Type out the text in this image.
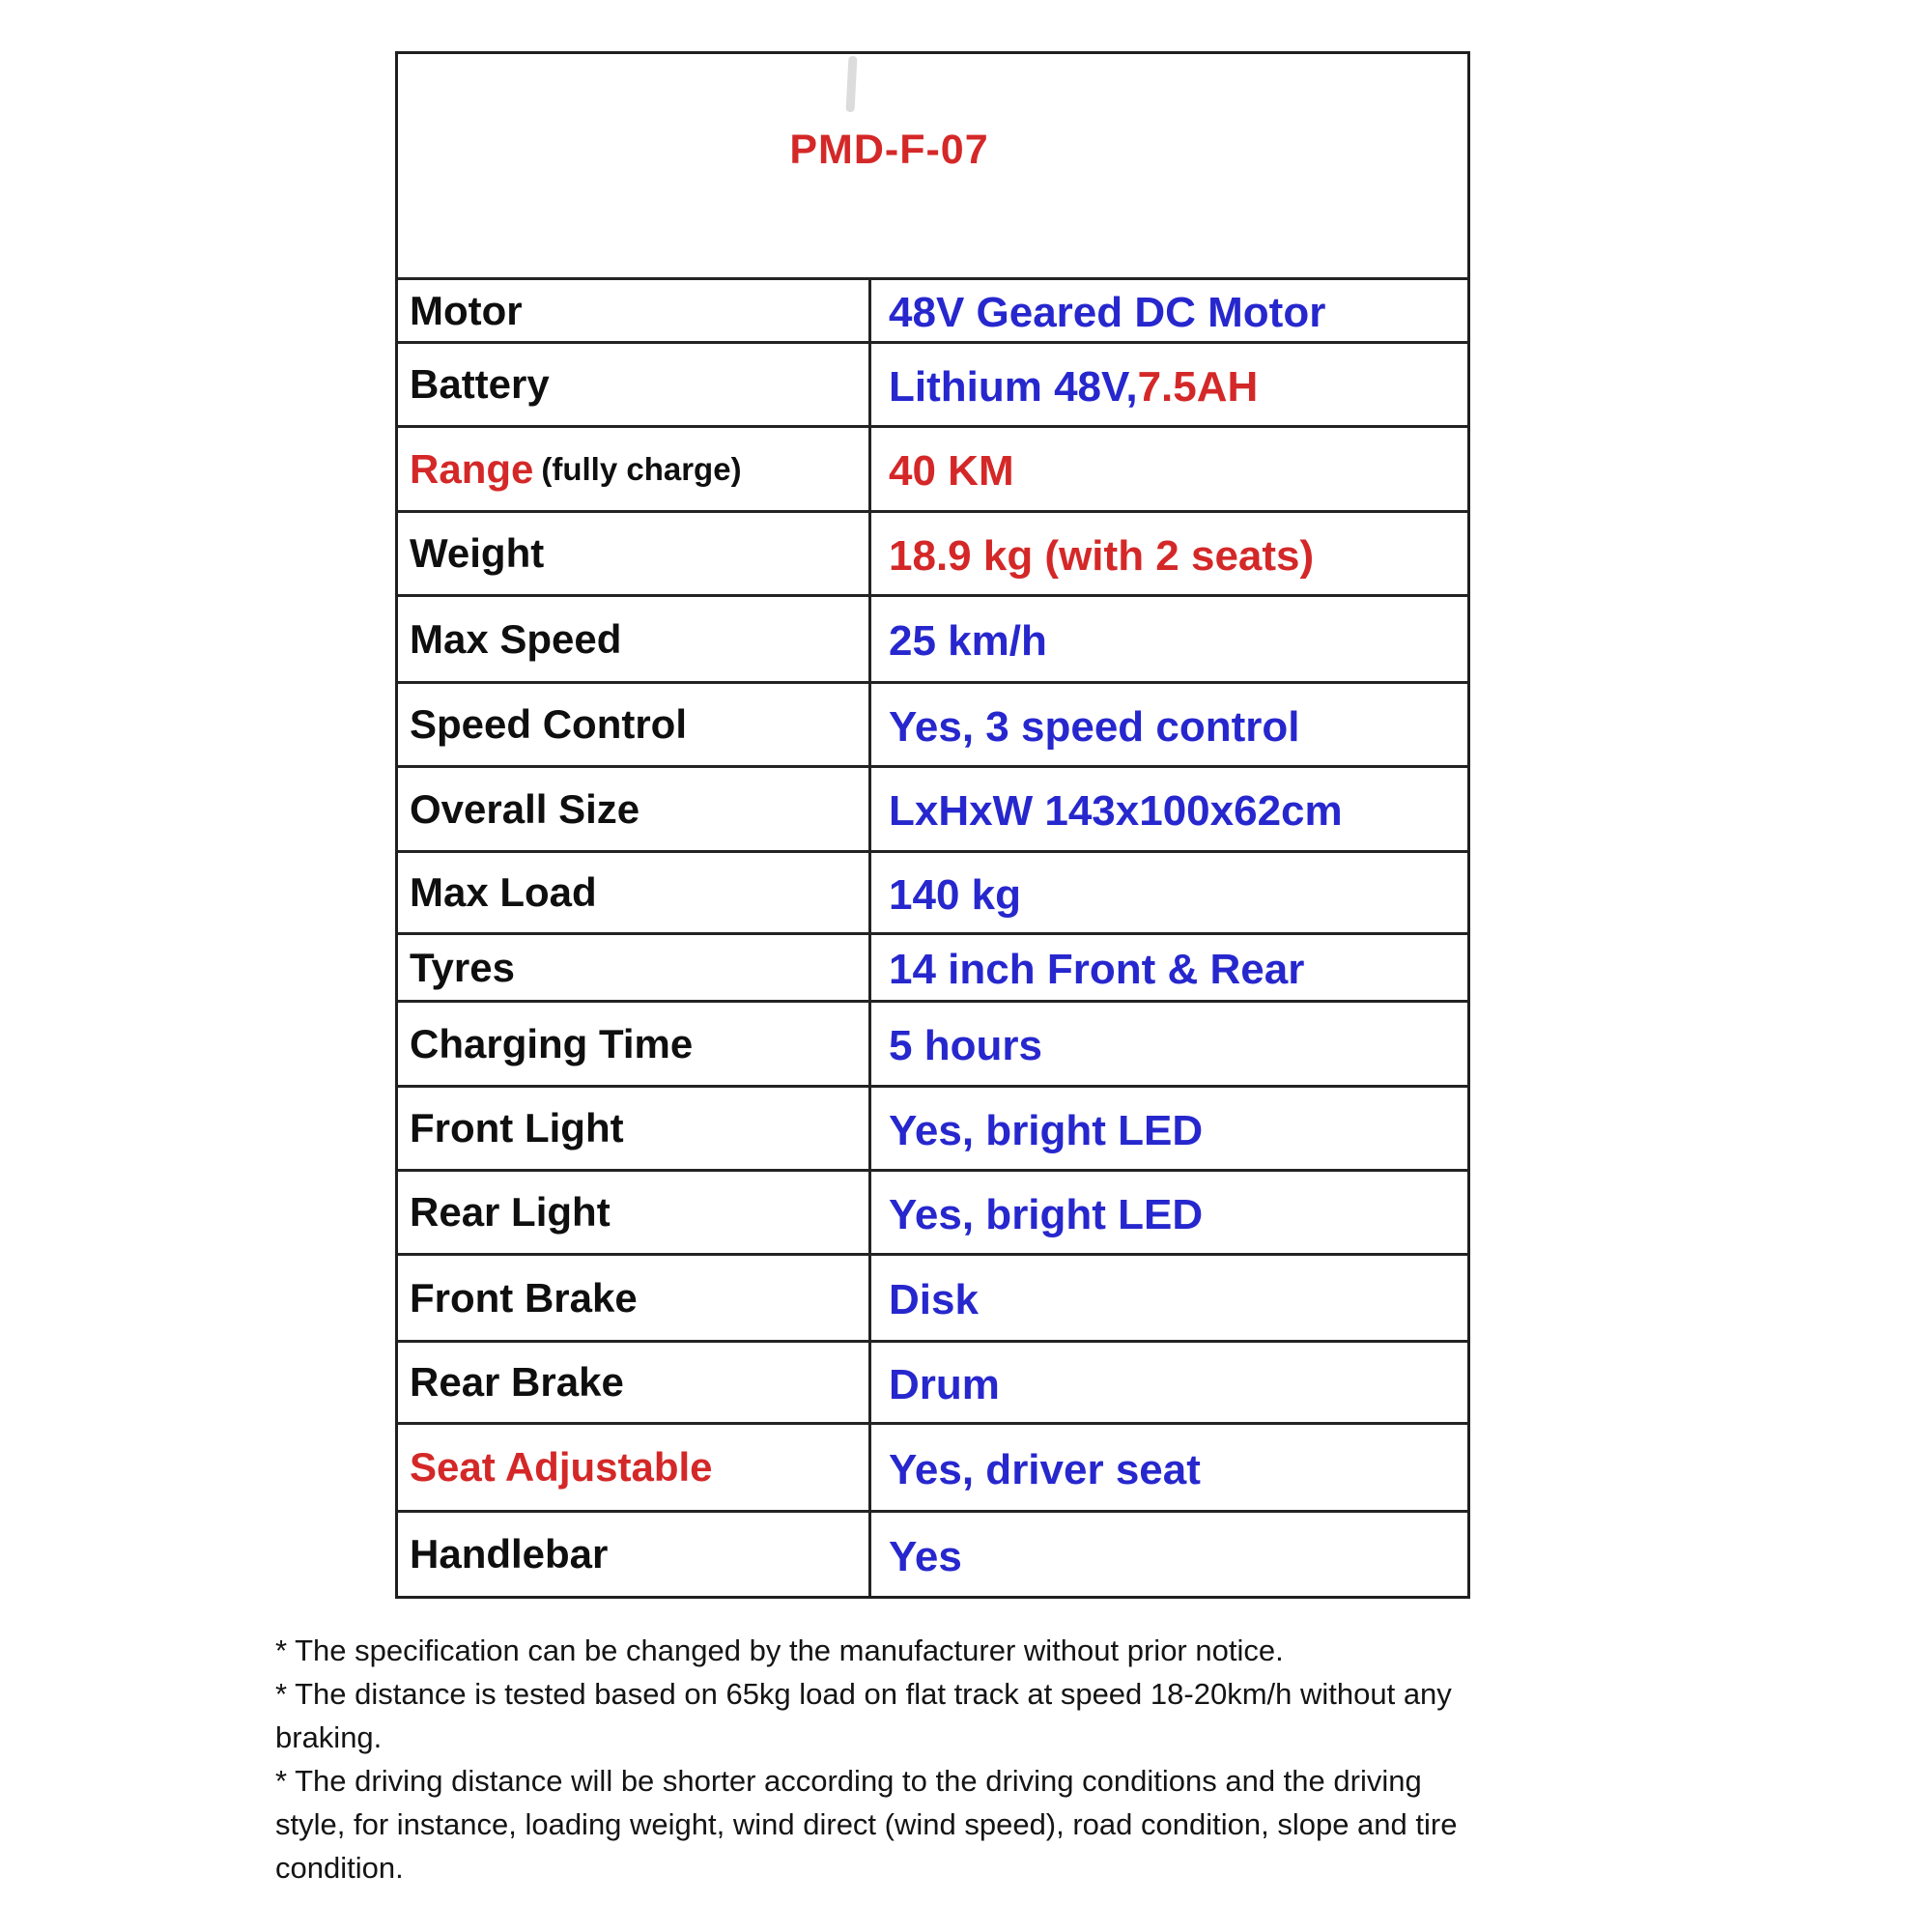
PMD-F-07
Motor	48V Geared DC Motor
Battery	Lithium 48V, 7.5AH
Range (fully charge)	40 KM
Weight	18.9 kg (with 2 seats)
Max Speed	25 km/h
Speed Control	Yes, 3 speed control
Overall Size	LxHxW 143x100x62cm
Max Load	140 kg
Tyres	14 inch Front & Rear
Charging Time	5 hours
Front Light	Yes, bright LED
Rear Light	Yes, bright LED
Front Brake	Disk
Rear Brake	Drum
Seat Adjustable	Yes, driver seat
Handlebar	Yes
* The specification can be changed by the manufacturer without prior notice.
* The distance is tested based on 65kg load on flat track at speed 18-20km/h without any
braking.
* The driving distance will be shorter according to the driving conditions and the driving
style, for instance, loading weight, wind direct (wind speed), road condition, slope and tire
condition.
